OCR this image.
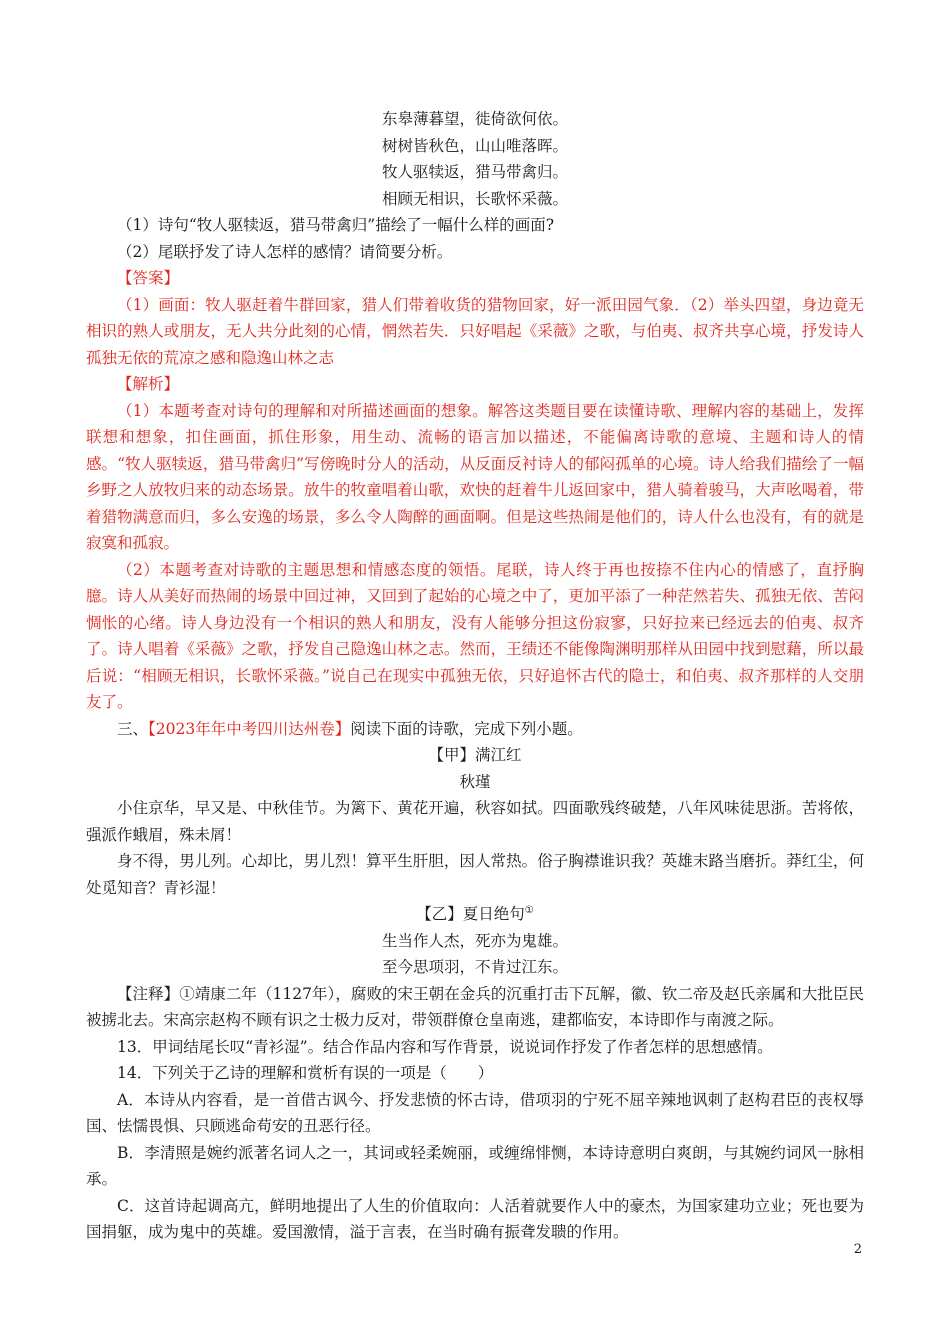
东皋薄暮望，徙倚欲何依。

树树皆秋色，山山唯落晖。

牧人驱犊返，猎马带禽归。

相顾无相识，长歌怀采薇。

（1）诗句“牧人驱犊返，猎马带禽归”描绘了一幅什么样的画面?

（2）尾联抒发了诗人怎样的感情？请简要分析。

【答案】

（1）画面：牧人驱赶着牛群回家，猎人们带着收货的猎物回家，好一派田园气象．（2）举头四望，身边竟无相识的熟人或朋友，无人共分此刻的心情，惘然若失．只好唱起《采薇》之歌，与伯夷、叔齐共享心境，抒发诗人孤独无依的荒凉之感和隐逸山林之志

【解析】

（1）本题考查对诗句的理解和对所描述画面的想象。解答这类题目要在读懂诗歌、理解内容的基础上，发挥联想和想象，扣住画面，抓住形象，用生动、流畅的语言加以描述，不能偏离诗歌的意境、主题和诗人的情感。“牧人驱犊返，猎马带禽归”写傍晚时分人的活动，从反面反衬诗人的郁闷孤单的心境。诗人给我们描绘了一幅乡野之人放牧归来的动态场景。放牛的牧童唱着山歌，欢快的赶着牛儿返回家中，猎人骑着骏马，大声吆喝着，带着猎物满意而归，多么安逸的场景，多么令人陶醉的画面啊。但是这些热闹是他们的，诗人什么也没有，有的就是寂寞和孤寂。

（2）本题考查对诗歌的主题思想和情感态度的领悟。尾联，诗人终于再也按捺不住内心的情感了，直抒胸臆。诗人从美好而热闹的场景中回过神，又回到了起始的心境之中了，更加平添了一种茫然若失、孤独无依、苦闷惆怅的心绪。诗人身边没有一个相识的熟人和朋友，没有人能够分担这份寂寥，只好拉来已经远去的伯夷、叔齐了。诗人唱着《采薇》之歌，抒发自己隐逸山林之志。然而，王绩还不能像陶渊明那样从田园中找到慰藉，所以最后说：“相顾无相识，长歌怀采薇。”说自己在现实中孤独无依，只好追怀古代的隐士，和伯夷、叔齐那样的人交朋友了。

三、【2023年年中考四川达州卷】阅读下面的诗歌，完成下列小题。

【甲】满江红

秋瑾

小住京华，早又是、中秋佳节。为篱下、黄花开遍，秋容如拭。四面歌残终破楚，八年风味徒思浙。苦将侬，强派作蛾眉，殊未屑！

身不得，男儿列。心却比，男儿烈！算平生肝胆，因人常热。俗子胸襟谁识我？英雄末路当磨折。莽红尘，何处觅知音？青衫湿！

【乙】夏日绝句①

生当作人杰，死亦为鬼雄。

至今思项羽，不肯过江东。

【注释】①靖康二年（1127年），腐败的宋王朝在金兵的沉重打击下瓦解，徽、钦二帝及赵氏亲属和大批臣民被掳北去。宋高宗赵构不顾有识之士极力反对，带领群僚仓皇南逃，建都临安，本诗即作与南渡之际。

13．甲词结尾长叹“青衫湿”。结合作品内容和写作背景，说说词作抒发了作者怎样的思想感情。

14．下列关于乙诗的理解和赏析有误的一项是（　　）

A．本诗从内容看，是一首借古讽今、抒发悲愤的怀古诗，借项羽的宁死不屈辛辣地讽刺了赵构君臣的丧权辱国、怯懦畏惧、只顾逃命苟安的丑恶行径。

B．李清照是婉约派著名词人之一，其词或轻柔婉丽，或缠绵悱恻，本诗诗意明白爽朗，与其婉约词风一脉相承。

C．这首诗起调高亢，鲜明地提出了人生的价值取向：人活着就要作人中的豪杰，为国家建功立业；死也要为国捐躯，成为鬼中的英雄。爱国激情，溢于言表，在当时确有振聋发聩的作用。

2
